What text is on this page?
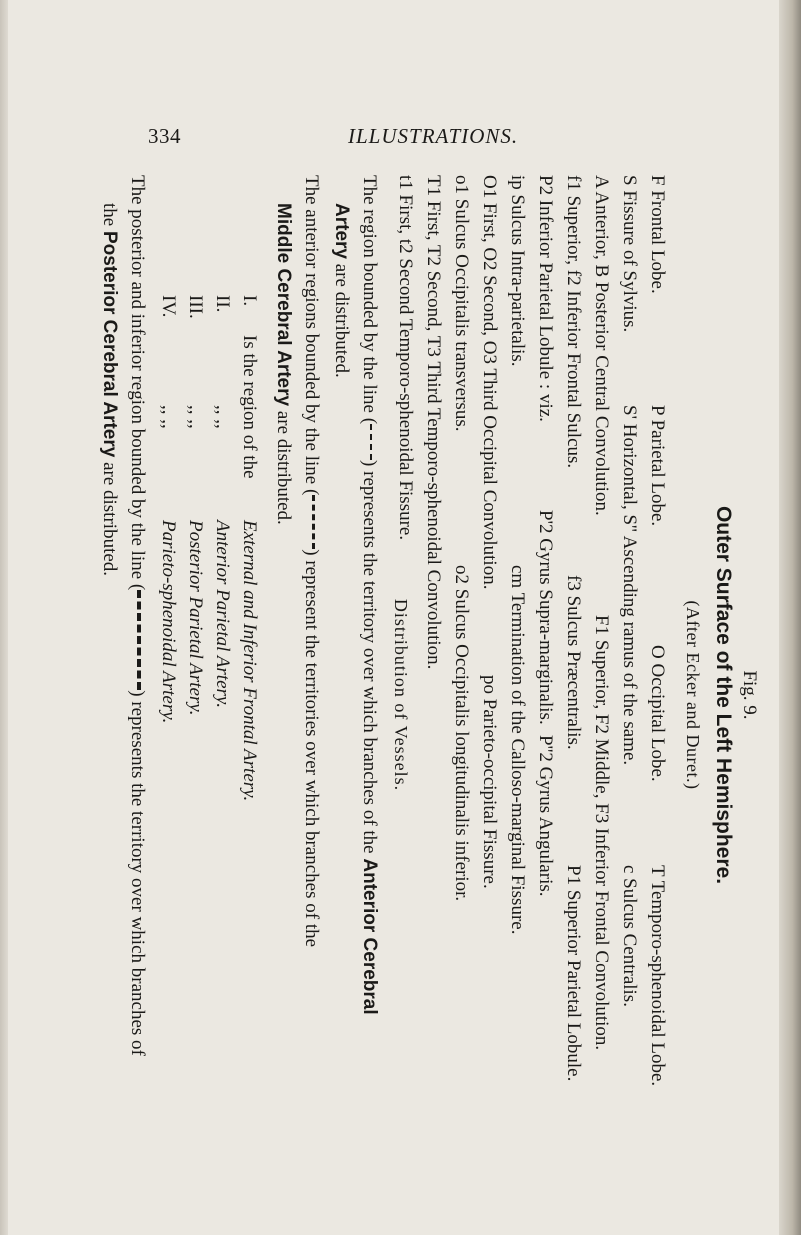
334	ILLUSTRATIONS.
Fig. 9.
Outer Surface of the Left Hemisphere.
(After Ecker and Duret.)
F Frontal Lobe.
P Parietal Lobe.
O Occipital Lobe.
T Temporo-sphenoidal Lobe.
S Fissure of Sylvius.
S' Horizontal, S'' Ascending ramus of the same.
c Sulcus Centralis.
A Anterior, B Posterior Central Convolution.
F1 Superior, F2 Middle, F3 Inferior Frontal Convolution.
f1 Superior, f2 Inferior Frontal Sulcus.
f3 Sulcus Præcentralis.
P1 Superior Parietal Lobule.
P2 Inferior Parietal Lobule : viz.
P'2 Gyrus Supra-marginalis.
P''2 Gyrus Angularis.
ip Sulcus Intra-parietalis.
cm Termination of the Calloso-marginal Fissure.
O1 First, O2 Second, O3 Third Occipital Convolution.
po Parieto-occipital Fissure.
o1 Sulcus Occipitalis transversus.
o2 Sulcus Occipitalis longitudinalis inferior.
T1 First, T2 Second, T3 Third Temporo-sphenoidal Convolution.
t1 First, t2 Second Temporo-sphenoidal Fissure.
Distribution of Vessels.
The region bounded by the line () represents the territory over which branches of the Anterior Cerebral
Artery are distributed.
The anterior regions bounded by the line () represent the territories over which branches of the
Middle Cerebral Artery are distributed.
I.
Is the region of the
External and Inferior Frontal Artery.
II.
,, ,,
Anterior Parietal Artery.
III.
,, ,,
Posterior Parietal Artery.
IV.
,, ,,
Parieto-sphenoidal Artery.
The posterior and inferior region bounded by the line () represents the territory over which branches of
the Posterior Cerebral Artery are distributed.
